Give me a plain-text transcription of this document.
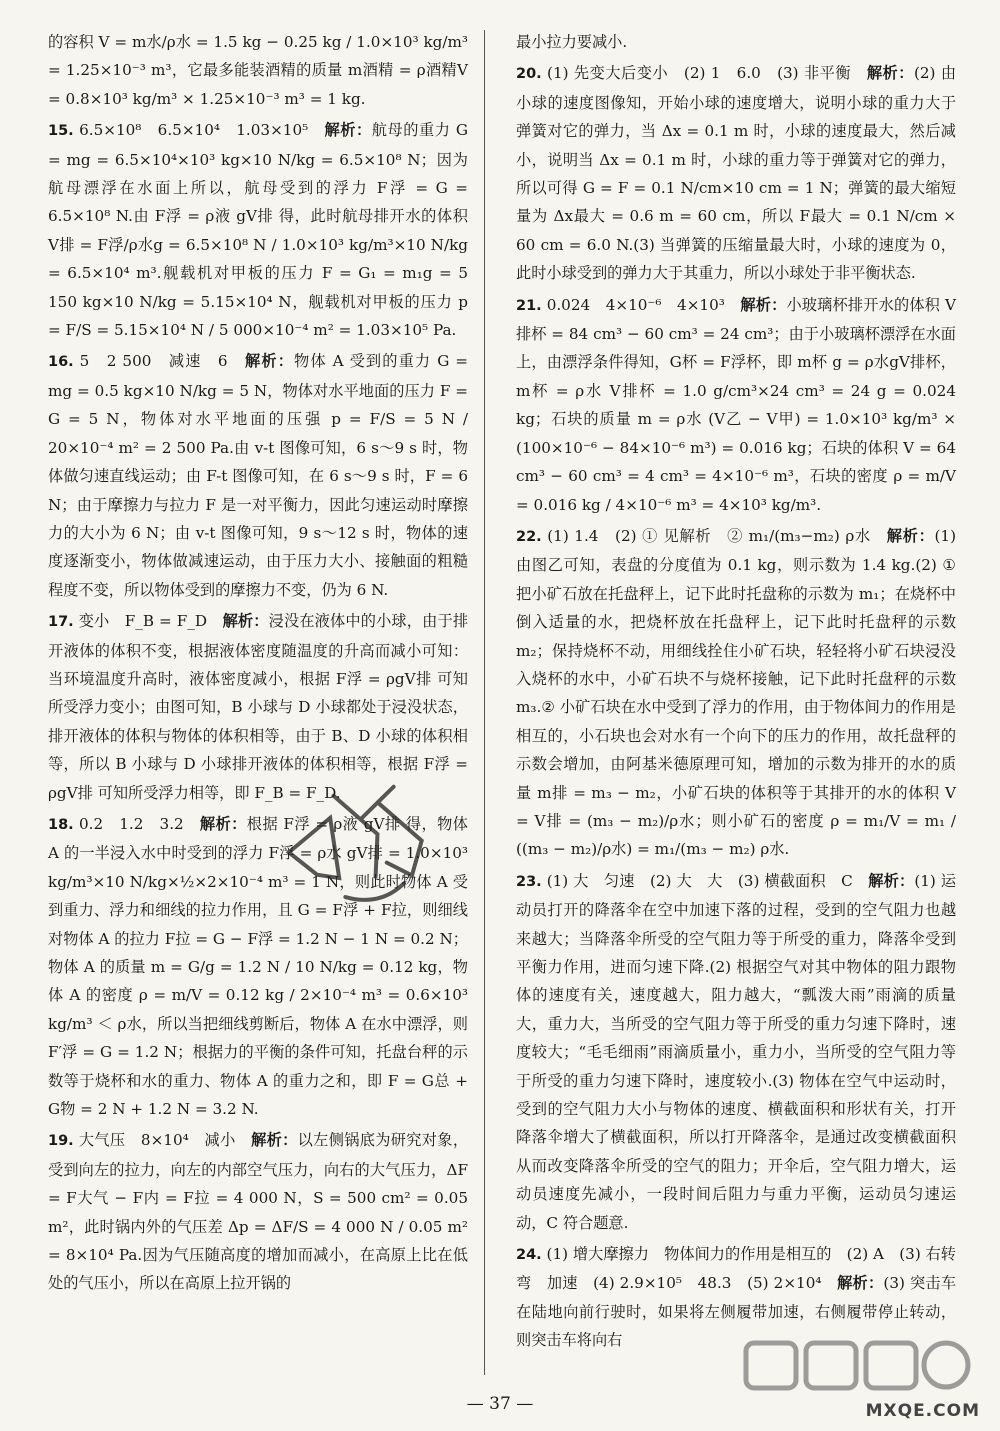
的容积 V = m水/ρ水 = 1.5 kg − 0.25 kg / 1.0×10³ kg/m³ = 1.25×10⁻³ m³，它最多能装酒精的质量 m酒精 = ρ酒精V = 0.8×10³ kg/m³ × 1.25×10⁻³ m³ = 1 kg.
15. 6.5×10⁸　6.5×10⁴　1.03×10⁵　 解析：航母的重力 G = mg = 6.5×10⁴×10³ kg×10 N/kg = 6.5×10⁸ N；因为航母漂浮在水面上所以，航母受到的浮力 F浮 = G = 6.5×10⁸ N.由 F浮 = ρ液 gV排 得，此时航母排开水的体积 V排 = F浮/ρ水g = 6.5×10⁸ N / 1.0×10³ kg/m³×10 N/kg = 6.5×10⁴ m³.舰载机对甲板的压力 F = G₁ = m₁g = 5 150 kg×10 N/kg = 5.15×10⁴ N，舰载机对甲板的压力 p = F/S = 5.15×10⁴ N / 5 000×10⁻⁴ m² = 1.03×10⁵ Pa.
16. 5　2 500　减速　6　 解析：物体 A 受到的重力 G = mg = 0.5 kg×10 N/kg = 5 N，物体对水平地面的压力 F = G = 5 N，物体对水平地面的压强 p = F/S = 5 N / 20×10⁻⁴ m² = 2 500 Pa.由 v-t 图像可知，6 s～9 s 时，物体做匀速直线运动；由 F-t 图像可知，在 6 s～9 s 时，F = 6 N；由于摩擦力与拉力 F 是一对平衡力，因此匀速运动时摩擦力的大小为 6 N；由 v-t 图像可知，9 s～12 s 时，物体的速度逐渐变小，物体做减速运动，由于压力大小、接触面的粗糙程度不变，所以物体受到的摩擦力不变，仍为 6 N.
17. 变小　F_B = F_D　 解析：浸没在液体中的小球，由于排开液体的体积不变，根据液体密度随温度的升高而减小可知：当环境温度升高时，液体密度减小，根据 F浮 = ρgV排 可知所受浮力变小；由图可知，B 小球与 D 小球都处于浸没状态，排开液体的体积与物体的体积相等，由于 B、D 小球的体积相等，所以 B 小球与 D 小球排开液体的体积相等，根据 F浮 = ρgV排 可知所受浮力相等，即 F_B = F_D.
18. 0.2　1.2　3.2　 解析：根据 F浮 = ρ液 gV排 得，物体 A 的一半浸入水中时受到的浮力 F浮 = ρ水 gV排 = 1.0×10³ kg/m³×10 N/kg×½×2×10⁻⁴ m³ = 1 N，则此时物体 A 受到重力、浮力和细线的拉力作用，且 G = F浮 + F拉，则细线对物体 A 的拉力 F拉 = G − F浮 = 1.2 N − 1 N = 0.2 N；物体 A 的质量 m = G/g = 1.2 N / 10 N/kg = 0.12 kg，物体 A 的密度 ρ = m/V = 0.12 kg / 2×10⁻⁴ m³ = 0.6×10³ kg/m³ ＜ ρ水，所以当把细线剪断后，物体 A 在水中漂浮，则 F′浮 = G = 1.2 N；根据力的平衡的条件可知，托盘台秤的示数等于烧杯和水的重力、物体 A 的重力之和，即 F = G总 + G物 = 2 N + 1.2 N = 3.2 N.
19. 大气压　8×10⁴　减小　 解析：以左侧锅底为研究对象，受到向左的拉力，向左的内部空气压力，向右的大气压力，ΔF = F大气 − F内 = F拉 = 4 000 N，S = 500 cm² = 0.05 m²，此时锅内外的气压差 Δp = ΔF/S = 4 000 N / 0.05 m² = 8×10⁴ Pa.因为气压随高度的增加而减小，在高原上比在低处的气压小，所以在高原上拉开锅的
最小拉力要减小.
20. (1) 先变大后变小　(2) 1　6.0　(3) 非平衡　 解析：(2) 由小球的速度图像知，开始小球的速度增大，说明小球的重力大于弹簧对它的弹力，当 Δx = 0.1 m 时，小球的速度最大，然后减小，说明当 Δx = 0.1 m 时，小球的重力等于弹簧对它的弹力，所以可得 G = F = 0.1 N/cm×10 cm = 1 N；弹簧的最大缩短量为 Δx最大 = 0.6 m = 60 cm，所以 F最大 = 0.1 N/cm × 60 cm = 6.0 N.(3) 当弹簧的压缩量最大时，小球的速度为 0，此时小球受到的弹力大于其重力，所以小球处于非平衡状态.
21. 0.024　4×10⁻⁶　4×10³　 解析：小玻璃杯排开水的体积 V排杯 = 84 cm³ − 60 cm³ = 24 cm³；由于小玻璃杯漂浮在水面上，由漂浮条件得知，G杯 = F浮杯，即 m杯 g = ρ水gV排杯，m杯 = ρ水 V排杯 = 1.0 g/cm³×24 cm³ = 24 g = 0.024 kg；石块的质量 m = ρ水 (V乙 − V甲) = 1.0×10³ kg/m³ × (100×10⁻⁶ − 84×10⁻⁶ m³) = 0.016 kg；石块的体积 V = 64 cm³ − 60 cm³ = 4 cm³ = 4×10⁻⁶ m³，石块的密度 ρ = m/V = 0.016 kg / 4×10⁻⁶ m³ = 4×10³ kg/m³.
22. (1) 1.4　(2) ① 见解析　② m₁/(m₃−m₂) ρ水　 解析：(1) 由图乙可知，表盘的分度值为 0.1 kg，则示数为 1.4 kg.(2) ① 把小矿石放在托盘秤上，记下此时托盘称的示数为 m₁；在烧杯中倒入适量的水，把烧杯放在托盘秤上，记下此时托盘秤的示数 m₂；保持烧杯不动，用细线拴住小矿石块，轻轻将小矿石块浸没入烧杯的水中，小矿石块不与烧杯接触，记下此时托盘秤的示数 m₃.② 小矿石块在水中受到了浮力的作用，由于物体间力的作用是相互的，小石块也会对水有一个向下的压力的作用，故托盘秤的示数会增加，由阿基米德原理可知，增加的示数为排开的水的质量 m排 = m₃ − m₂，小矿石块的体积等于其排开的水的体积 V = V排 = (m₃ − m₂)/ρ水；则小矿石的密度 ρ = m₁/V = m₁ / ((m₃ − m₂)/ρ水) = m₁/(m₃ − m₂) ρ水.
23. (1) 大　匀速　(2) 大　大　(3) 横截面积　C　 解析：(1) 运动员打开的降落伞在空中加速下落的过程，受到的空气阻力也越来越大；当降落伞所受的空气阻力等于所受的重力，降落伞受到平衡力作用，进而匀速下降.(2) 根据空气对其中物体的阻力跟物体的速度有关，速度越大，阻力越大，“瓢泼大雨”雨滴的质量大，重力大，当所受的空气阻力等于所受的重力匀速下降时，速度较大；“毛毛细雨”雨滴质量小，重力小，当所受的空气阻力等于所受的重力匀速下降时，速度较小.(3) 物体在空气中运动时，受到的空气阻力大小与物体的速度、横截面积和形状有关，打开降落伞增大了横截面积，所以打开降落伞，是通过改变横截面积从而改变降落伞所受的空气的阻力；开伞后，空气阻力增大，运动员速度先减小，一段时间后阻力与重力平衡，运动员匀速运动，C 符合题意.
24. (1) 增大摩擦力　物体间力的作用是相互的　(2) A　(3) 右转弯　加速　(4) 2.9×10⁵　48.3　(5) 2×10⁴　 解析：(3) 突击车在陆地向前行驶时，如果将左侧履带加速，右侧履带停止转动，则突击车将向右
MXQE.COM
— 37 —
